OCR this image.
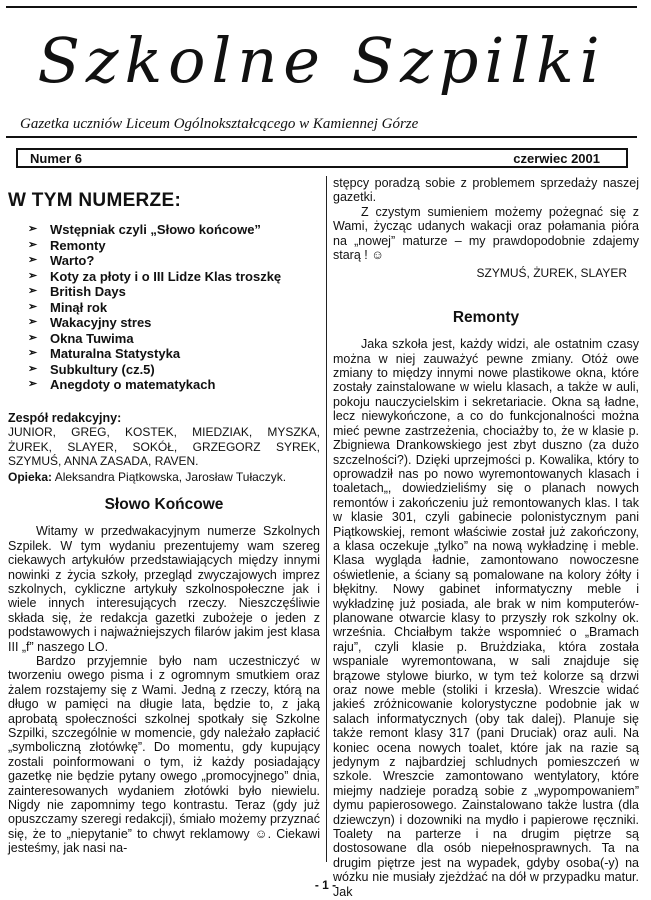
Szkolne Szpilki
Gazetka uczniów Liceum Ogólnokształcącego w Kamiennej Górze
Numer 6	czerwiec 2001
W TYM NUMERZE:
➢ Wstępniak czyli „Słowo końcowe”
➢ Remonty
➢ Warto?
➢ Koty za płoty i o III Lidze Klas troszkę
➢ British Days
➢ Minął rok
➢ Wakacyjny stres
➢ Okna Tuwima
➢ Maturalna Statystyka
➢ Subkultury (cz.5)
➢ Anegdoty o matematykach
Zespół redakcyjny:
JUNIOR, GREG, KOSTEK, MIEDZIAK, MYSZKA, ŻUREK, SLAYER, SOKÓŁ, GRZEGORZ SYREK, SZYMUŚ, ANNA ZASADA, RAVEN.
Opieka: Aleksandra Piątkowska, Jarosław Tułaczyk.
Słowo Końcowe

Witamy w przedwakacyjnym numerze Szkolnych Szpilek. W tym wydaniu prezentujemy wam szereg ciekawych artykułów przedstawiających między innymi nowinki z życia szkoły, przegląd zwyczajowych imprez szkolnych, cykliczne artykuły szkolnospołeczne jak i wiele innych interesujących rzeczy. Nieszczęśliwie składa się, że redakcja gazetki zubożeje o jeden z podstawowych i najważniejszych filarów jakim jest klasa III „f” naszego LO.

Bardzo przyjemnie było nam uczestniczyć w tworzeniu owego pisma i z ogromnym smutkiem oraz żalem rozstajemy się z Wami. Jedną z rzeczy, którą na długo w pamięci na długie lata, będzie to, z jaką aprobatą społeczności szkolnej spotkały się Szkolne Szpilki, szczególnie w momencie, gdy należało zapłacić „symboliczną złotówkę”. Do momentu, gdy kupujący zostali poinformowani o tym, iż każdy posiadający gazetkę nie będzie pytany owego „promocyjnego” dnia, zainteresowanych wydaniem złotówki było niewielu. Nigdy nie zapomnimy tego kontrastu. Teraz (gdy już opuszczamy szeregi redakcji), śmiało możemy przyznać się, że to „niepytanie” to chwyt reklamowy ☺. Ciekawi jesteśmy, jak nasi na-

stępcy poradzą sobie z problemem sprzedaży naszej gazetki.

Z czystym sumieniem możemy pożegnać się z Wami, życząc udanych wakacji oraz połamania pióra na „nowej” maturze – my prawdopodobnie zdajemy starą ! ☺

SZYMUŚ, ŻUREK, SLAYER
Remonty

Jaka szkoła jest, każdy widzi, ale ostatnim czasy można w niej zauważyć pewne zmiany. Otóż owe zmiany to między innymi nowe plastikowe okna, które zostały zainstalowane w wielu klasach, a także w auli, pokoju nauczycielskim i sekretariacie. Okna są ładne, lecz niewykończone, a co do funkcjonalności można mieć pewne zastrzeżenia, chociażby to, że w klasie p. Zbigniewa Drankowskiego jest zbyt duszno (za dużo szczelności?). Dzięki uprzejmości p. Kowalika, który to oprowadził nas po nowo wyremontowanych klasach i toaletach„, dowiedzieliśmy się o planach nowych remontów i zakończeniu już remontowanych klas. I tak w klasie 301, czyli gabinecie polonistycznym pani Piątkowskiej, remont właściwie został już zakończony, a klasa oczekuje „tylko” na nową wykładzinę i meble. Klasa wygląda ładnie, zamontowano nowoczesne oświetlenie, a ściany są pomalowane na kolory żółty i błękitny. Nowy gabinet informatyczny meble i wykładzinę już posiada, ale brak w nim komputerów- planowane otwarcie klasy to przyszły rok szkolny ok. września. Chciałbym także wspomnieć o „Bramach raju”, czyli klasie p. Brużdziaka, która została wspaniale wyremontowana, w sali znajduje się brązowe stylowe biurko, w tym też kolorze są drzwi oraz nowe meble (stoliki i krzesła). Wreszcie widać jakieś zróżnicowanie kolorystyczne podobnie jak w salach informatycznych (oby tak dalej). Planuje się także remont klasy 317 (pani Druciak) oraz auli. Na koniec ocena nowych toalet, które jak na razie są jedynym z najbardziej schludnych pomieszczeń w szkole. Wreszcie zamontowano wentylatory, które miejmy nadzieje poradzą sobie z „wypompowaniem” dymu papierosowego. Zainstalowano także lustra (dla dziewczyn) i dozowniki na mydło i papierowe ręczniki. Toalety na parterze i na drugim piętrze są dostosowane dla osób niepełnosprawnych. Ta na drugim piętrze jest na wypadek, gdyby osoba(-y) na wózku nie musiały zjeżdżać na dół w przypadku matur. Jak

- 1 -
